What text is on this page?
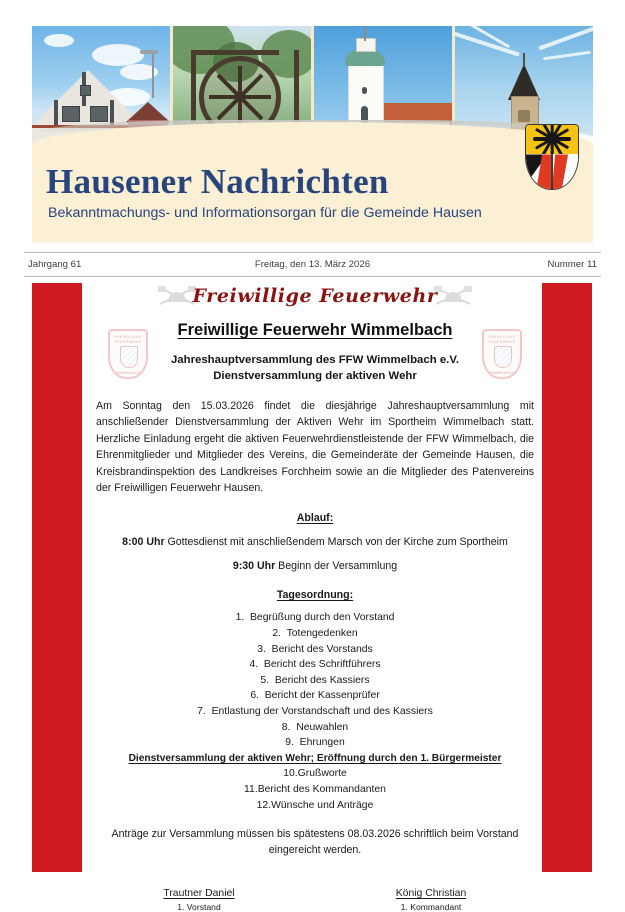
Hausener Nachrichten
Bekanntmachungs- und Informationsorgan für die Gemeinde Hausen
Jahrgang 61	Freitag, den 13. März 2026	Nummer 11
Freiwillige Feuerwehr
FREIWILLIGE FEUERWEHR
WIMMELBACH
FREIWILLIGE FEUERWEHR
WIMMELBACH
Freiwillige Feuerwehr Wimmelbach
Jahreshauptversammlung des FFW Wimmelbach e.V.
Dienstversammlung der aktiven Wehr

Am Sonntag den 15.03.2026 findet die diesjährige Jahreshauptversammlung mit anschließender Dienstversammlung der Aktiven Wehr im Sportheim Wimmelbach statt. Herzliche Einladung ergeht die aktiven Feuerwehrdienstleistende der FFW Wimmelbach, die Ehrenmitglieder und Mitglieder des Vereins, die Gemeinderäte der Gemeinde Hausen, die Kreisbrandinspektion des Landkreises Forchheim sowie an die Mitglieder des Patenvereins der Freiwilligen Feuerwehr Hausen.

Ablauf:
8:00 Uhr Gottesdienst mit anschließendem Marsch von der Kirche zum Sportheim
9:30 Uhr Beginn der Versammlung
Tagesordnung:
1.  Begrüßung durch den Vorstand
2.  Totengedenken
3.  Bericht des Vorstands
4.  Bericht des Schriftführers
5.  Bericht des Kassiers
6.  Bericht der Kassenprüfer
7.  Entlastung der Vorstandschaft und des Kassiers
8.  Neuwahlen
9.  Ehrungen
Dienstversammlung der aktiven Wehr; Eröffnung durch den 1. Bürgermeister
10.Grußworte
11.Bericht des Kommandanten
12.Wünsche und Anträge
Anträge zur Versammlung müssen bis spätestens 08.03.2026 schriftlich beim Vorstand eingereicht werden.
Trautner Daniel
1. Vorstand
König Christian
1. Kommandant
